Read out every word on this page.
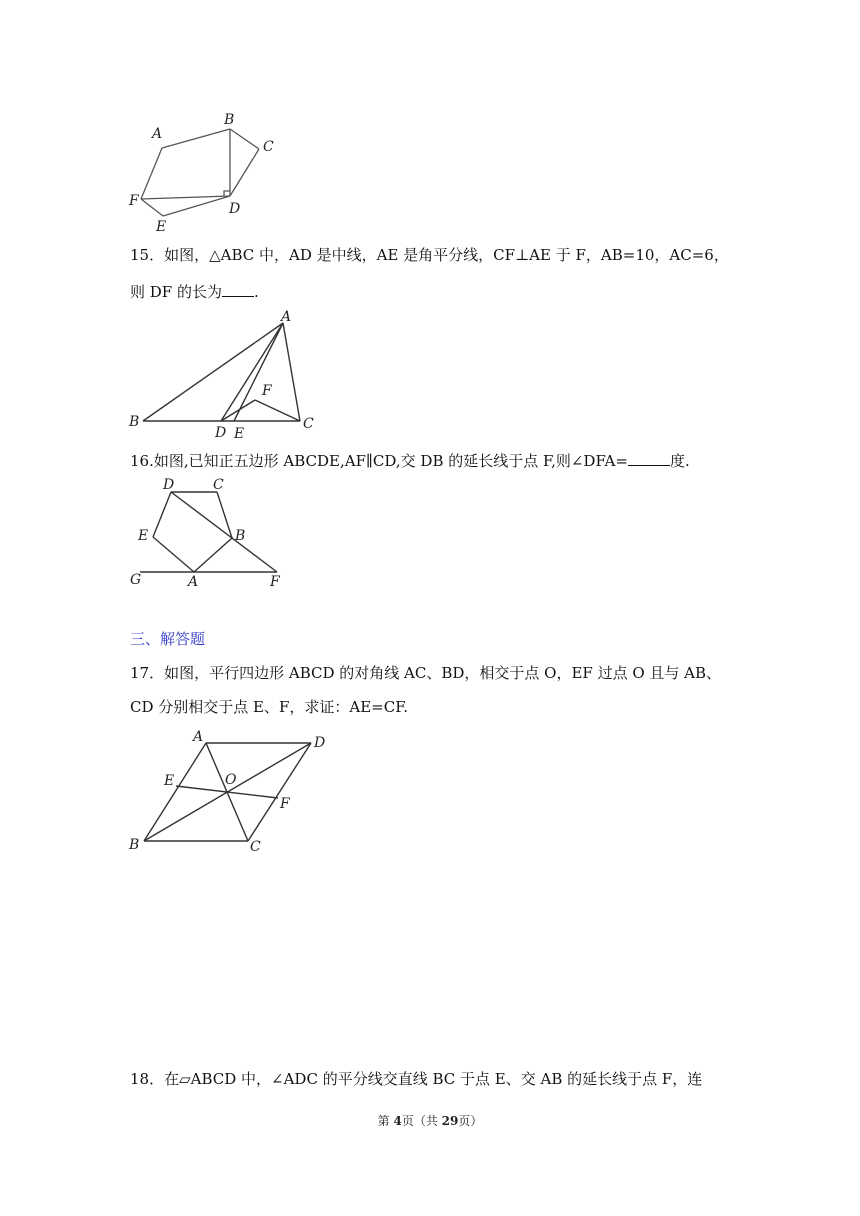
A
B
C
D
E
F
15．如图，△ABC 中，AD 是中线，AE 是角平分线，CF⊥AE 于 F，AB=10，AC=6，
则 DF 的长为 .
A
B	C
D E
F
16.如图,已知正五边形 ABCDE,AF∥CD,交 DB 的延长线于点 F,则∠DFA=	度.
D	C
E	B
G	A	F
三、解答题
17．如图，平行四边形 ABCD 的对角线 AC、BD，相交于点 O，EF 过点 O 且与 AB、
CD 分别相交于点 E、F，求证：AE=CF.
A	D
E	O
F
B	C
18．在▱ABCD 中，∠ADC 的平分线交直线 BC 于点 E、交 AB 的延长线于点 F，连
第 4页（共 29页）
